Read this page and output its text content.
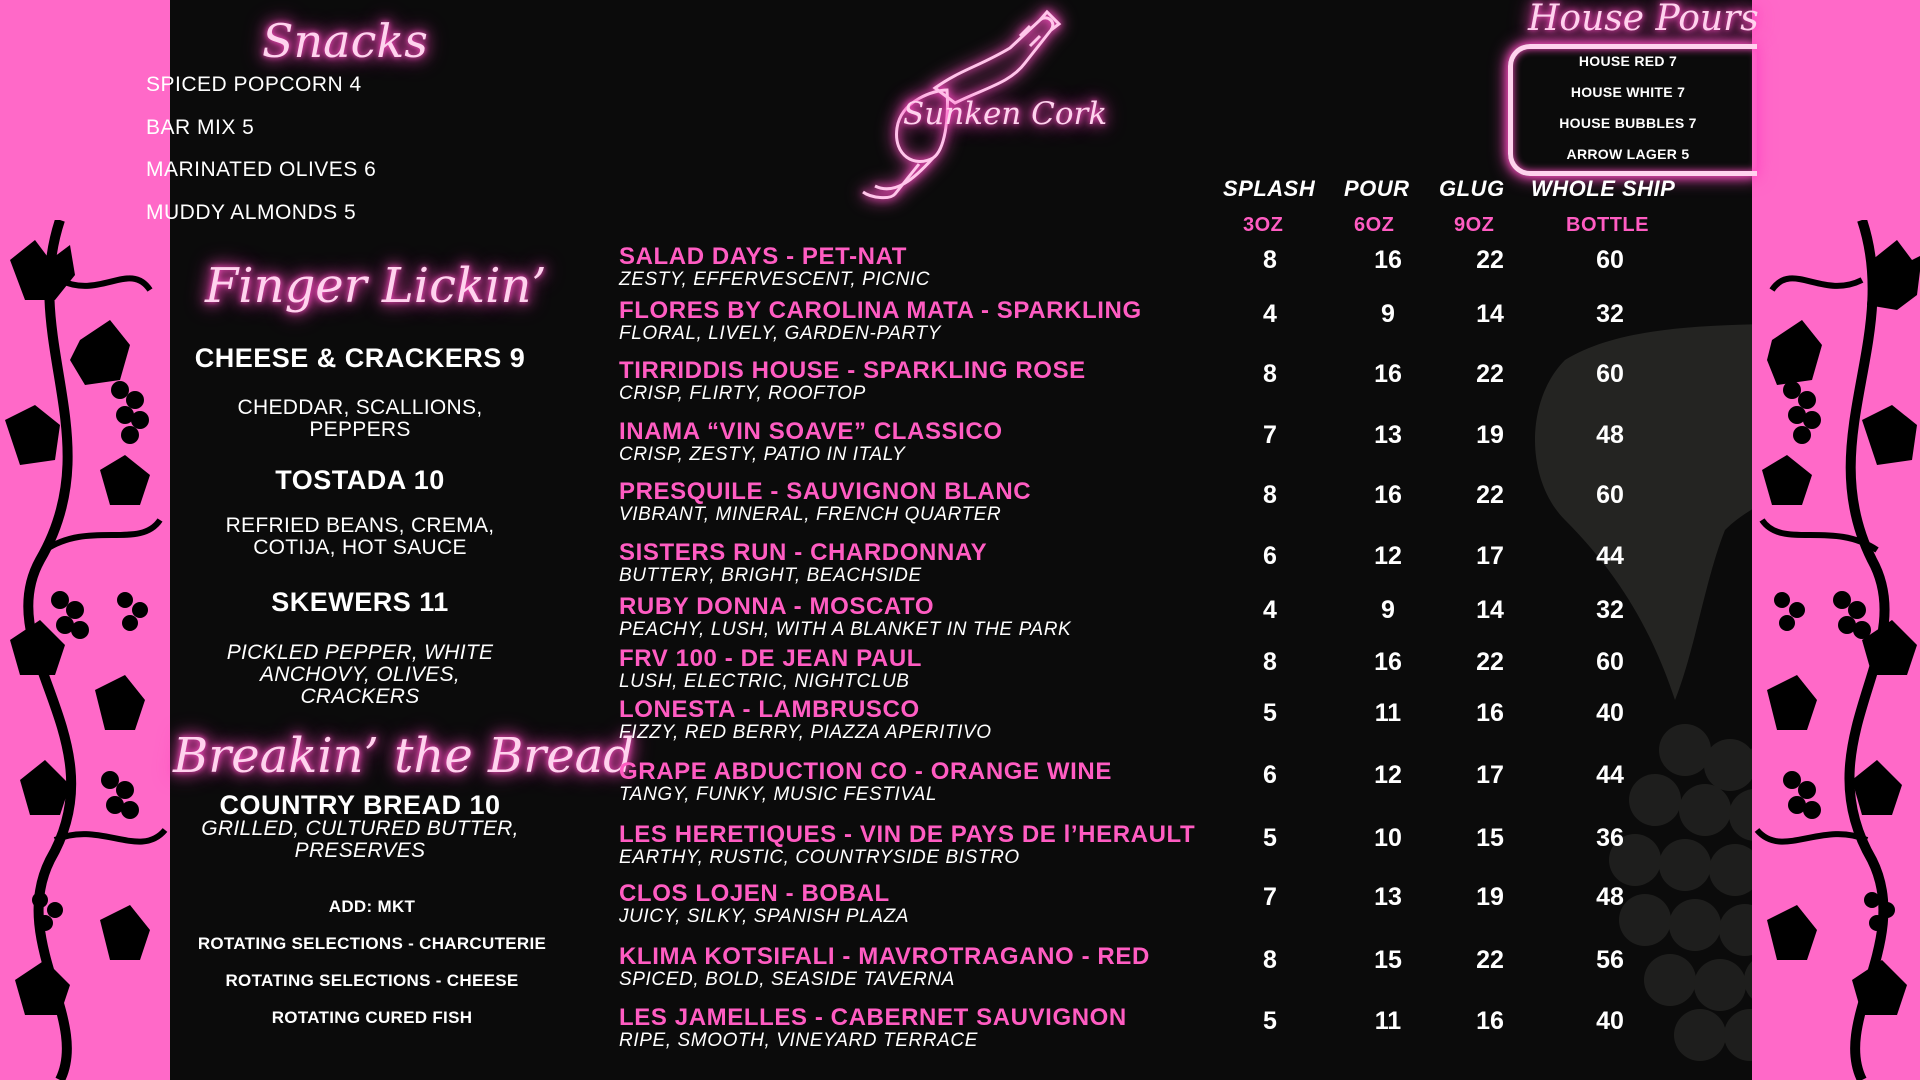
Snacks
SPICED POPCORN 4
BAR MIX 5
MARINATED OLIVES 6
MUDDY ALMONDS 5
Finger Lickin’
CHEESE & CRACKERS 9
CHEDDAR, SCALLIONS, PEPPERS
TOSTADA 10
REFRIED BEANS, CREMA, COTIJA, HOT SAUCE
SKEWERS 11
PICKLED PEPPER, WHITE ANCHOVY, OLIVES, CRACKERS
Breakin’ the Bread
COUNTRY BREAD 10
GRILLED, CULTURED BUTTER, PRESERVES
ADD: MKT
ROTATING SELECTIONS - CHARCUTERIE
ROTATING SELECTIONS - CHEESE
ROTATING CURED FISH
Sunken Cork
House Pours
HOUSE RED 7
HOUSE WHITE 7
HOUSE BUBBLES 7
ARROW LAGER 5
SPLASH POUR GLUG WHOLE SHIP
3OZ	6OZ	9OZ	BOTTLE
SALAD DAYS - PET-NAT
ZESTY, EFFERVESCENT, PICNIC
8	16	22	60
FLORES BY CAROLINA MATA - SPARKLING
FLORAL, LIVELY, GARDEN-PARTY
4	9	14	32
TIRRIDDIS HOUSE - SPARKLING ROSE
CRISP, FLIRTY, ROOFTOP
8	16	22	60
INAMA “VIN SOAVE” CLASSICO
CRISP, ZESTY, PATIO IN ITALY
7	13	19	48
PRESQUILE - SAUVIGNON BLANC
VIBRANT, MINERAL, FRENCH QUARTER
8	16	22	60
SISTERS RUN - CHARDONNAY
BUTTERY, BRIGHT, BEACHSIDE
6	12	17	44
RUBY DONNA - MOSCATO
PEACHY, LUSH, WITH A BLANKET IN THE PARK
4	9	14	32
FRV 100 - DE JEAN PAUL
LUSH, ELECTRIC, NIGHTCLUB
8	16	22	60
LONESTA - LAMBRUSCO
FIZZY, RED BERRY, PIAZZA APERITIVO
5	11	16	40
GRAPE ABDUCTION CO - ORANGE WINE
TANGY, FUNKY, MUSIC FESTIVAL
6	12	17	44
LES HERETIQUES - VIN DE PAYS DE l’HERAULT
EARTHY, RUSTIC, COUNTRYSIDE BISTRO
5	10	15	36
CLOS LOJEN - BOBAL
JUICY, SILKY, SPANISH PLAZA
7	13	19	48
KLIMA KOTSIFALI - MAVROTRAGANO - RED
SPICED, BOLD, SEASIDE TAVERNA
8	15	22	56
LES JAMELLES - CABERNET SAUVIGNON
RIPE, SMOOTH, VINEYARD TERRACE
5	11	16	40
